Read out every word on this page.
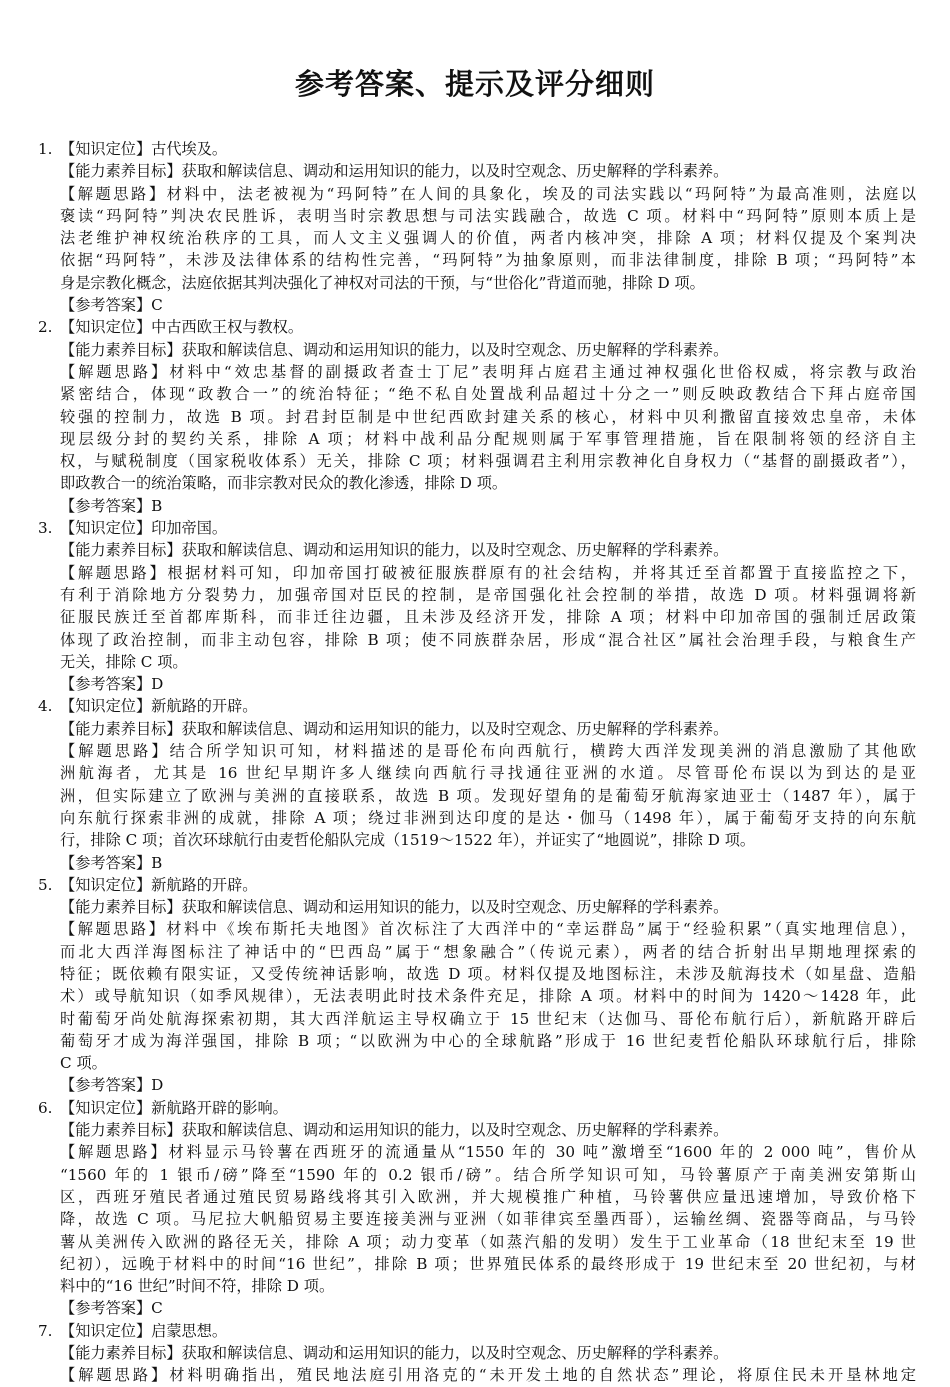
参考答案、提示及评分细则
1. 【知识定位】古代埃及。
【能力素养目标】获取和解读信息、调动和运用知识的能力，以及时空观念、历史解释的学科素养。
【解题思路】材料中，法老被视为“玛阿特”在人间的具象化，埃及的司法实践以“玛阿特”为最高准则，法庭以
褒读“玛阿特”判决农民胜诉，表明当时宗教思想与司法实践融合，故选 C 项。材料中“玛阿特”原则本质上是
法老维护神权统治秩序的工具，而人文主义强调人的价值，两者内核冲突，排除 A 项；材料仅提及个案判决
依据“玛阿特”，未涉及法律体系的结构性完善，“玛阿特”为抽象原则，而非法律制度，排除 B 项；“玛阿特”本
身是宗教化概念，法庭依据其判决强化了神权对司法的干预，与“世俗化”背道而驰，排除 D 项。
【参考答案】C
2. 【知识定位】中古西欧王权与教权。
【能力素养目标】获取和解读信息、调动和运用知识的能力，以及时空观念、历史解释的学科素养。
【解题思路】材料中“效忠基督的副摄政者查士丁尼”表明拜占庭君主通过神权强化世俗权威，将宗教与政治
紧密结合，体现“政教合一”的统治特征；“绝不私自处置战利品超过十分之一”则反映政教结合下拜占庭帝国
较强的控制力，故选 B 项。封君封臣制是中世纪西欧封建关系的核心，材料中贝利撒留直接效忠皇帝，未体
现层级分封的契约关系，排除 A 项；材料中战利品分配规则属于军事管理措施，旨在限制将领的经济自主
权，与赋税制度（国家税收体系）无关，排除 C 项；材料强调君主利用宗教神化自身权力（“基督的副摄政者”），
即政教合一的统治策略，而非宗教对民众的教化渗透，排除 D 项。
【参考答案】B
3. 【知识定位】印加帝国。
【能力素养目标】获取和解读信息、调动和运用知识的能力，以及时空观念、历史解释的学科素养。
【解题思路】根据材料可知，印加帝国打破被征服族群原有的社会结构，并将其迁至首都置于直接监控之下，
有利于消除地方分裂势力，加强帝国对臣民的控制，是帝国强化社会控制的举措，故选 D 项。材料强调将新
征服民族迁至首都库斯科，而非迁往边疆，且未涉及经济开发，排除 A 项；材料中印加帝国的强制迁居政策
体现了政治控制，而非主动包容，排除 B 项；使不同族群杂居，形成“混合社区”属社会治理手段，与粮食生产
无关，排除 C 项。
【参考答案】D
4. 【知识定位】新航路的开辟。
【能力素养目标】获取和解读信息、调动和运用知识的能力，以及时空观念、历史解释的学科素养。
【解题思路】结合所学知识可知，材料描述的是哥伦布向西航行，横跨大西洋发现美洲的消息激励了其他欧
洲航海者，尤其是 16 世纪早期许多人继续向西航行寻找通往亚洲的水道。尽管哥伦布误以为到达的是亚
洲，但实际建立了欧洲与美洲的直接联系，故选 B 项。发现好望角的是葡萄牙航海家迪亚士（1487 年），属于
向东航行探索非洲的成就，排除 A 项；绕过非洲到达印度的是达・伽马（1498 年），属于葡萄牙支持的向东航
行，排除 C 项；首次环球航行由麦哲伦船队完成（1519～1522 年），并证实了“地圆说”，排除 D 项。
【参考答案】B
5. 【知识定位】新航路的开辟。
【能力素养目标】获取和解读信息、调动和运用知识的能力，以及时空观念、历史解释的学科素养。
【解题思路】材料中《埃布斯托夫地图》首次标注了大西洋中的“幸运群岛”属于“经验积累”（真实地理信息），
而北大西洋海图标注了神话中的“巴西岛”属于“想象融合”（传说元素），两者的结合折射出早期地理探索的
特征；既依赖有限实证，又受传统神话影响，故选 D 项。材料仅提及地图标注，未涉及航海技术（如星盘、造船
术）或导航知识（如季风规律），无法表明此时技术条件充足，排除 A 项。材料中的时间为 1420～1428 年，此
时葡萄牙尚处航海探索初期，其大西洋航运主导权确立于 15 世纪末（达伽马、哥伦布航行后），新航路开辟后
葡萄牙才成为海洋强国，排除 B 项；“以欧洲为中心的全球航路”形成于 16 世纪麦哲伦船队环球航行后，排除
C 项。
【参考答案】D
6. 【知识定位】新航路开辟的影响。
【能力素养目标】获取和解读信息、调动和运用知识的能力，以及时空观念、历史解释的学科素养。
【解题思路】材料显示马铃薯在西班牙的流通量从“1550 年的 30 吨”激增至“1600 年的 2 000 吨”，售价从
“1560 年的 1 银币/磅”降至“1590 年的 0.2 银币/磅”。结合所学知识可知，马铃薯原产于南美洲安第斯山
区，西班牙殖民者通过殖民贸易路线将其引入欧洲，并大规模推广种植，马铃薯供应量迅速增加，导致价格下
降，故选 C 项。马尼拉大帆船贸易主要连接美洲与亚洲（如菲律宾至墨西哥），运输丝绸、瓷器等商品，与马铃
薯从美洲传入欧洲的路径无关，排除 A 项；动力变革（如蒸汽船的发明）发生于工业革命（18 世纪末至 19 世
纪初），远晚于材料中的时间“16 世纪”，排除 B 项；世界殖民体系的最终形成于 19 世纪末至 20 世纪初，与材
料中的“16 世纪”时间不符，排除 D 项。
【参考答案】C
7. 【知识定位】启蒙思想。
【能力素养目标】获取和解读信息、调动和运用知识的能力，以及时空观念、历史解释的学科素养。
【解题思路】材料明确指出，殖民地法庭引用洛克的“未开发土地的自然状态”理论，将原住民未开垦林地定
